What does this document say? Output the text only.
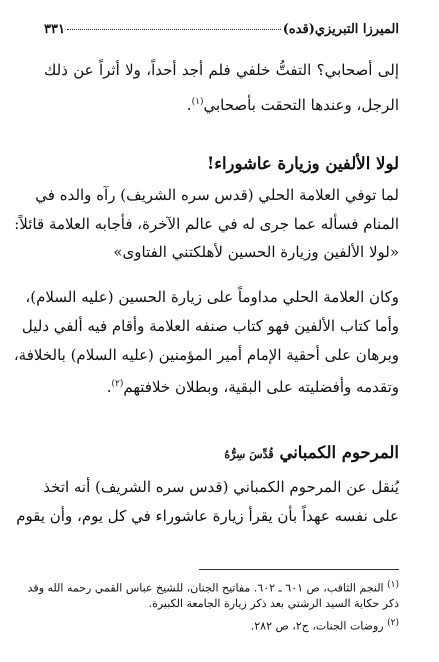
الميرزا التبريزي(قده)
٣٣١
إلى أصحابي؟ التفتُّ خلفي فلم أجد أحداً، ولا أثراً عن ذلك
الرجل، وعندها التحقت بأصحابي$^{(١)}$.
لولا الألفين وزيارة عاشوراء!
لما توفي العلامة الحلي (قدس سره الشريف) رآه والده في
المنام فسأله عما جرى له في عالم الآخرة، فأجابه العلامة قائلاً:
«لولا الألفين وزيارة الحسين لأهلكتني الفتاوى»
وكان العلامة الحلي مداوماً على زيارة الحسين (عليه السلام)،
وأما كتاب الألفين فهو كتاب صنفه العلامة وأقام فيه ألفي دليل
وبرهان على أحقية الإمام أمير المؤمنين (عليه السلام) بالخلافة،
وتقدمه وأفضليته على البقية، وبطلان خلافتهم$^{(٢)}$.
المرحوم الكمباني قُدِّسَ سِرُّهُ
يُنقل عن المرحوم الكمباني (قدس سره الشريف) أنه اتخذ
على نفسه عهداً بأن يقرأ زيارة عاشوراء في كل يوم، وأن يقوم
$^{(١)}$ النجم الثاقب، ص ٦٠١ ـ ٦٠٢. مفاتيح الجنان، للشيخ عباس القمي رحمه الله وقد
ذكر حكاية السيد الرشتي بعد ذكر زيارة الجامعة الكبيرة.
$^{(٢)}$ روضات الجنات، ج٢، ص ٢٨٢.
